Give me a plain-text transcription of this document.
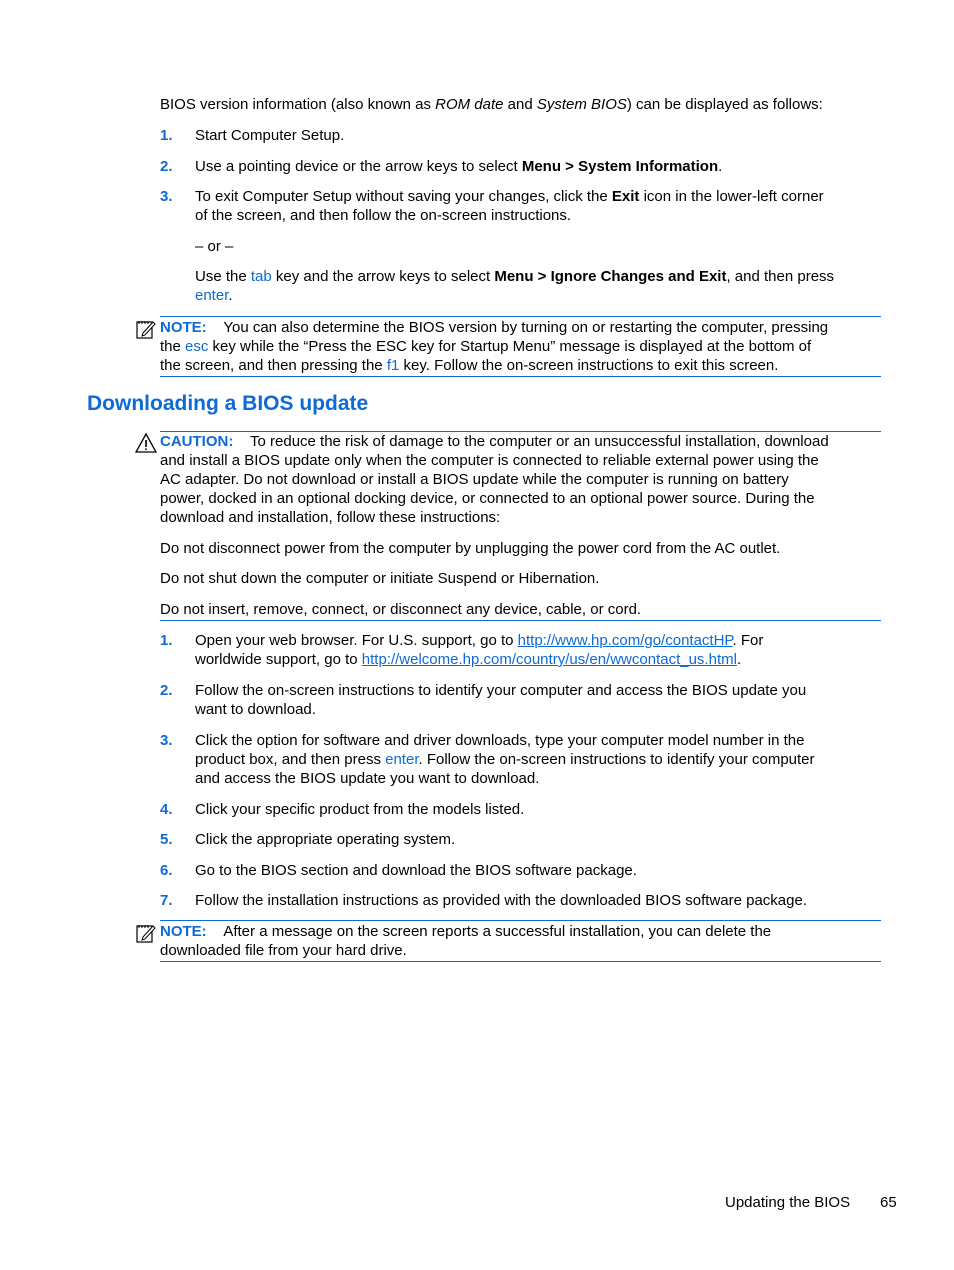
BIOS version information (also known as ROM date and System BIOS) can be displayed as follows:

1. Start Computer Setup.
2. Use a pointing device or the arrow keys to select Menu > System Information.

3. To exit Computer Setup without saving your changes, click the Exit icon in the lower-left corner

of the screen, and then follow the on-screen instructions.

– or –

Use the tab key and the arrow keys to select Menu > Ignore Changes and Exit, and then press

enter.

NOTE: You can also determine the BIOS version by turning on or restarting the computer, pressing

the esc key while the “Press the ESC key for Startup Menu” message is displayed at the bottom of

the screen, and then pressing the f1 key. Follow the on-screen instructions to exit this screen.

Downloading a BIOS update

CAUTION: To reduce the risk of damage to the computer or an unsuccessful installation, download

and install a BIOS update only when the computer is connected to reliable external power using the

AC adapter. Do not download or install a BIOS update while the computer is running on battery

power, docked in an optional docking device, or connected to an optional power source. During the

download and installation, follow these instructions:

Do not disconnect power from the computer by unplugging the power cord from the AC outlet.

Do not shut down the computer or initiate Suspend or Hibernation.

Do not insert, remove, connect, or disconnect any device, cable, or cord.

1. Open your web browser. For U.S. support, go to http://www.hp.com/go/contactHP. For

worldwide support, go to http://welcome.hp.com/country/us/en/wwcontact_us.html.

2. Follow the on-screen instructions to identify your computer and access the BIOS update you

want to download.

3. Click the option for software and driver downloads, type your computer model number in the

product box, and then press enter. Follow the on-screen instructions to identify your computer

and access the BIOS update you want to download.

4. Click your specific product from the models listed.

5. Click the appropriate operating system.

6. Go to the BIOS section and download the BIOS software package.

7. Follow the installation instructions as provided with the downloaded BIOS software package.

NOTE: After a message on the screen reports a successful installation, you can delete the

downloaded file from your hard drive.

Updating the BIOS 65
